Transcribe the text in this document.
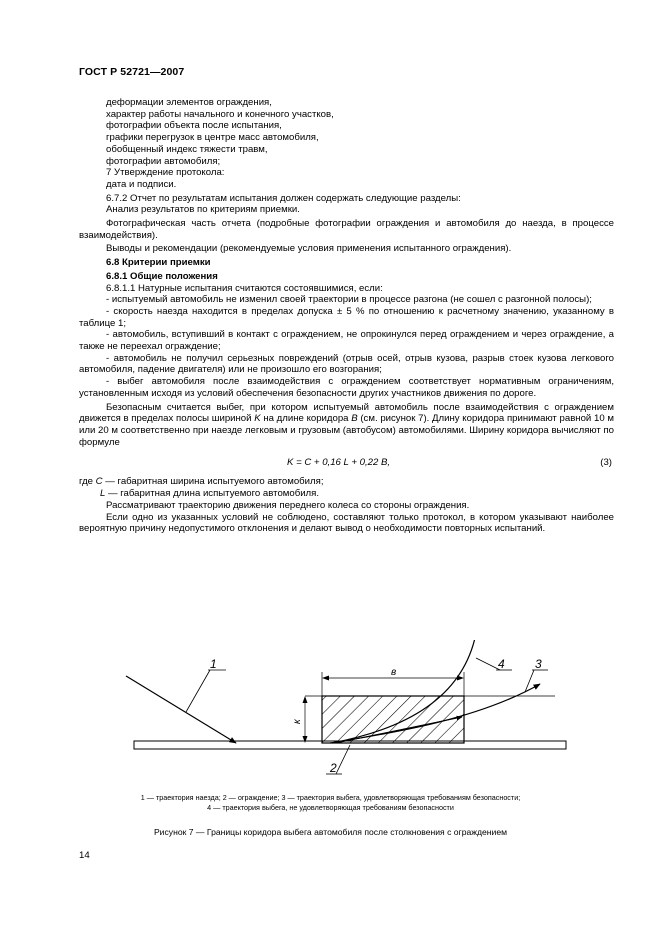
ГОСТ Р 52721—2007

деформации элементов ограждения,

характер работы начального и конечного участков,

фотографии объекта после испытания,

графики перегрузок в центре масс автомобиля,

обобщенный индекс тяжести травм,

фотографии автомобиля;

7 Утверждение протокола:

дата и подписи.

6.7.2 Отчет по результатам испытания должен содержать следующие разделы:

Анализ результатов по критериям приемки.

Фотографическая часть отчета (подробные фотографии ограждения и автомобиля до наезда, в процессе взаимодействия).

Выводы и рекомендации (рекомендуемые условия применения испытанного ограждения).

6.8 Критерии приемки

6.8.1 Общие положения

6.8.1.1 Натурные испытания считаются состоявшимися, если:

- испытуемый автомобиль не изменил своей траектории в процессе разгона (не сошел с разгонной полосы);

- скорость наезда находится в пределах допуска ± 5 % по отношению к расчетному значению, указанному в таблице 1;

- автомобиль, вступивший в контакт с ограждением, не опрокинулся перед ограждением и через ограждение, а также не переехал ограждение;

- автомобиль не получил серьезных повреждений (отрыв осей, отрыв кузова, разрыв стоек кузова легкового автомобиля, падение двигателя) или не произошло его возгорания;

- выбег автомобиля после взаимодействия с ограждением соответствует нормативным ограничениям, установленным исходя из условий обеспечения безопасности других участников движения по дороге.

Безопасным считается выбег, при котором испытуемый автомобиль после взаимодействия с ограждением движется в пределах полосы шириной K на длине коридора B (см. рисунок 7). Длину коридора принимают равной 10 м или 20 м соответственно при наезде легковым и грузовым (автобусом) автомобилями. Ширину коридора вычисляют по формуле

K = C + 0,16 L + 0,22 B,	(3)

где C — габаритная ширина испытуемого автомобиля;

L — габаритная длина испытуемого автомобиля.

Рассматривают траекторию движения переднего колеса со стороны ограждения.

Если одно из указанных условий не соблюдено, составляют только протокол, в котором указывают наиболее вероятную причину недопустимого отклонения и делают вывод о необходимости повторных испытаний.

в
к
1	3
4
2
1 — траектория наезда; 2 — ограждение; 3 — траектория выбега, удовлетворяющая требованиям безопасности;
4 — траектория выбега, не удовлетворяющая требованиям безопасности
Рисунок 7 — Границы коридора выбега автомобиля после столкновения с ограждением
14
